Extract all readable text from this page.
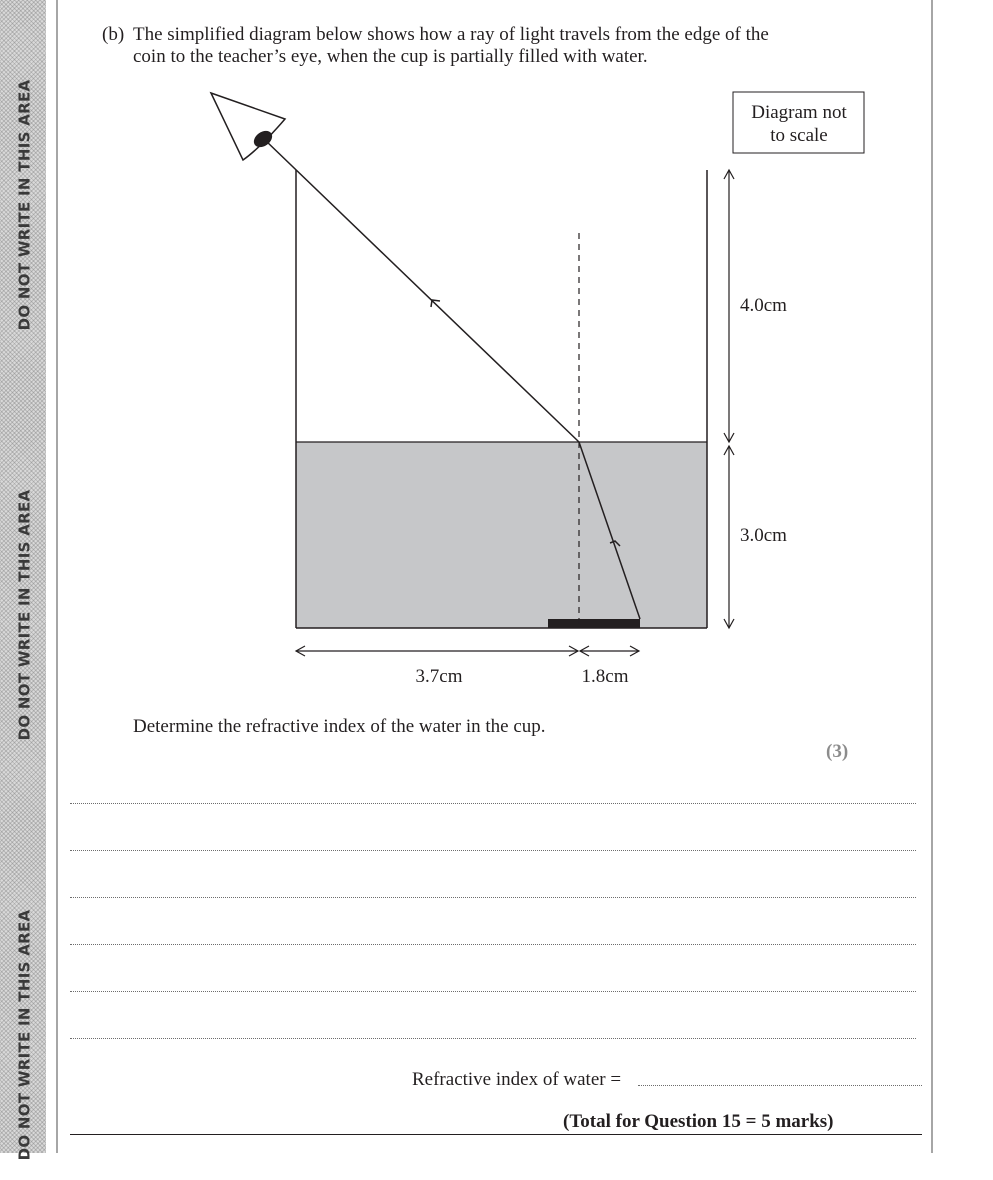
DO NOT WRITE IN THIS AREA
DO NOT WRITE IN THIS AREA
DO NOT WRITE IN THIS AREA
(b) The simplified diagram below shows how a ray of light travels from the edge of the
coin to the teacher’s eye, when the cup is partially filled with water.
Diagram not
to scale
4.0cm
3.0cm
3.7cm	1.8cm
Determine the refractive index of the water in the cup.
(3)
Refractive index of water =
(Total for Question 15 = 5 marks)
